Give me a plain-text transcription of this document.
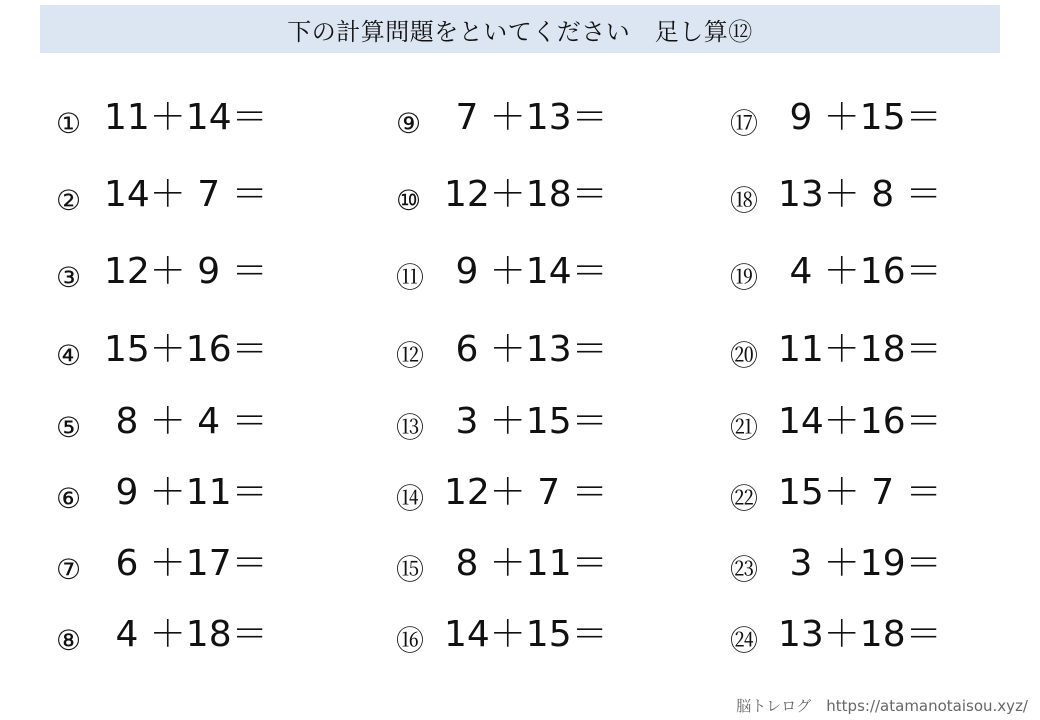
下の計算問題をといてください　足し算⑫
① 11＋14＝
② 14＋ 7 ＝
③ 12＋ 9 ＝
④ 15＋16＝
⑤ 8 ＋ 4 ＝
⑥ 9 ＋11＝
⑦ 6 ＋17＝
⑧ 4 ＋18＝
⑨ 7 ＋13＝
⑩ 12＋18＝
⑪ 9 ＋14＝
⑫ 6 ＋13＝
⑬ 3 ＋15＝
⑭ 12＋ 7 ＝
⑮ 8 ＋11＝
⑯ 14＋15＝
⑰ 9 ＋15＝
⑱ 13＋ 8 ＝
⑲ 4 ＋16＝
⑳ 11＋18＝
㉑ 14＋16＝
㉒ 15＋ 7 ＝
㉓ 3 ＋19＝
㉔ 13＋18＝
脳トレログ　https://atamanotaisou.xyz/
